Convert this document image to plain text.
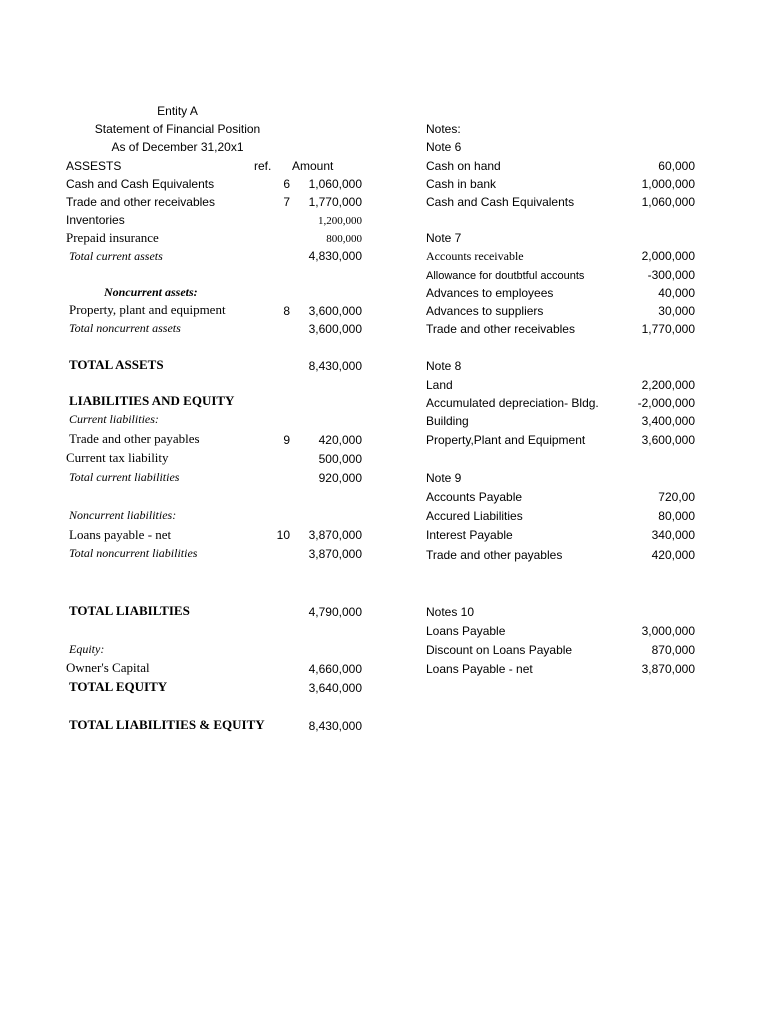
Entity A
Statement of Financial Position
As of December 31,20x1
ASSESTS	ref. Amount
Cash and Cash Equivalents	6	1,060,000
Trade and other receivables	7	1,770,000
Inventories	1,200,000
Prepaid insurance	800,000
Total current assets	4,830,000
Noncurrent assets:
Property, plant and equipment	8	3,600,000
Total noncurrent assets	3,600,000
TOTAL ASSETS	8,430,000
LIABILITIES AND EQUITY
Current liabilities:
Trade and other payables	9	420,000
Current tax liability	500,000
Total current liabilities	920,000
Noncurrent liabilities:
Loans payable - net	10	3,870,000
Total noncurrent liabilities	3,870,000
TOTAL LIABILTIES	4,790,000
Equity:
Owner's Capital	4,660,000
TOTAL EQUITY	3,640,000
TOTAL LIABILITIES & EQUITY	8,430,000
Notes:
Note 6
Cash on hand	60,000
Cash in bank	1,000,000
Cash and Cash Equivalents	1,060,000
Note 7
Accounts receivable	2,000,000
Allowance for doutbtful accounts	-300,000
Advances to employees	40,000
Advances to suppliers	30,000
Trade and other receivables	1,770,000
Note 8
Land	2,200,000
Accumulated depreciation- Bldg.	-2,000,000
Building	3,400,000
Property,Plant and Equipment	3,600,000
Note 9
Accounts Payable	720,00
Accured Liabilities	80,000
Interest Payable	340,000
Trade and other payables	420,000
Notes 10
Loans Payable	3,000,000
Discount on Loans Payable	870,000
Loans Payable - net	3,870,000
